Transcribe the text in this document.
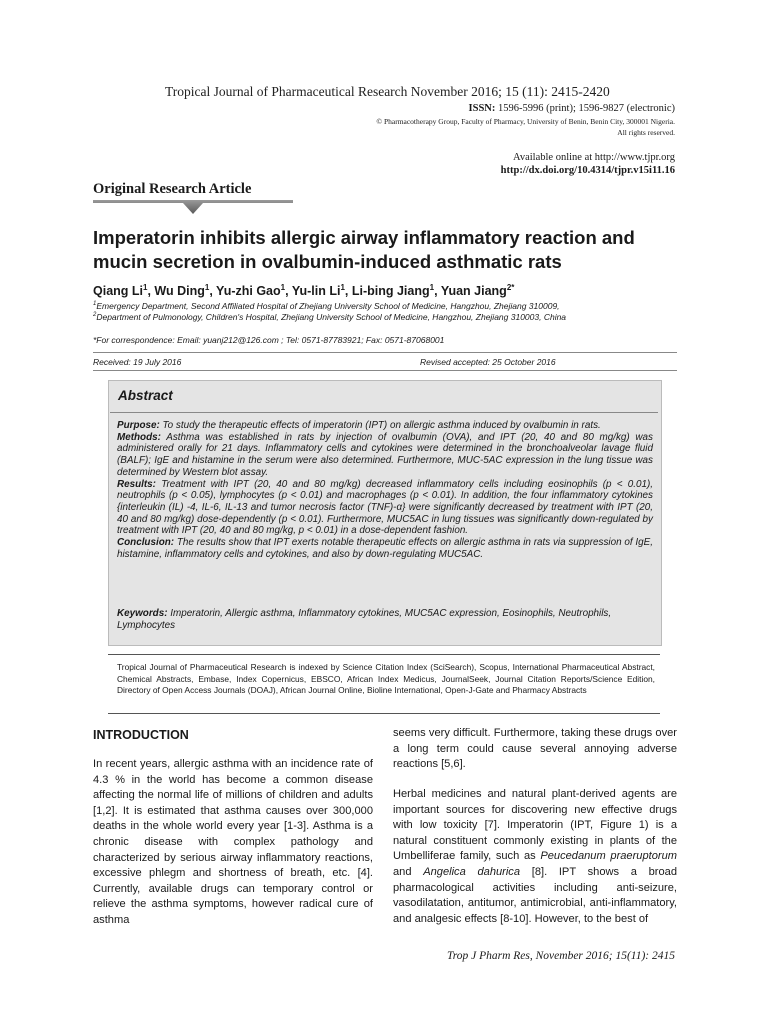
Tropical Journal of Pharmaceutical Research November 2016; 15 (11): 2415-2420
ISSN: 1596-5996 (print); 1596-9827 (electronic)
© Pharmacotherapy Group, Faculty of Pharmacy, University of Benin, Benin City, 300001 Nigeria.
All rights reserved.
Available online at http://www.tjpr.org
http://dx.doi.org/10.4314/tjpr.v15i11.16
Original Research Article
Imperatorin inhibits allergic airway inflammatory reaction and mucin secretion in ovalbumin-induced asthmatic rats
Qiang Li$^1$, Wu Ding$^1$, Yu-zhi Gao$^1$, Yu-lin Li$^1$, Li-bing Jiang$^1$, Yuan Jiang$^{2*}$
$^1$Emergency Department, Second Affiliated Hospital of Zhejiang University School of Medicine, Hangzhou, Zhejiang 310009,
$^2$Department of Pulmonology, Children's Hospital, Zhejiang University School of Medicine, Hangzhou, Zhejiang 310003, China
*For correspondence: Email: yuanj212@126.com ; Tel: 0571-87783921; Fax: 0571-87068001
Received: 19 July 2016	Revised accepted: 25 October 2016
Abstract
Purpose: To study the therapeutic effects of imperatorin (IPT) on allergic asthma induced by ovalbumin in rats.
Methods: Asthma was established in rats by injection of ovalbumin (OVA), and IPT (20, 40 and 80 mg/kg) was administered orally for 21 days. Inflammatory cells and cytokines were determined in the bronchoalveolar lavage fluid (BALF); IgE and histamine in the serum were also determined. Furthermore, MUC-5AC expression in the lung tissue was determined by Western blot assay.
Results: Treatment with IPT (20, 40 and 80 mg/kg) decreased inflammatory cells including eosinophils (p < 0.01), neutrophils (p < 0.05), lymphocytes (p < 0.01) and macrophages (p < 0.01). In addition, the four inflammatory cytokines {interleukin (IL) -4, IL-6, IL-13 and tumor necrosis factor (TNF)-α} were significantly decreased by treatment with IPT (20, 40 and 80 mg/kg) dose-dependently (p < 0.01). Furthermore, MUC5AC in lung tissues was significantly down-regulated by treatment with IPT (20, 40 and 80 mg/kg, p < 0.01) in a dose-dependent fashion.
Conclusion: The results show that IPT exerts notable therapeutic effects on allergic asthma in rats via suppression of IgE, histamine, inflammatory cells and cytokines, and also by down-regulating MUC5AC.
Keywords: Imperatorin, Allergic asthma, Inflammatory cytokines, MUC5AC expression, Eosinophils, Neutrophils, Lymphocytes
Tropical Journal of Pharmaceutical Research is indexed by Science Citation Index (SciSearch), Scopus, International Pharmaceutical Abstract, Chemical Abstracts, Embase, Index Copernicus, EBSCO, African Index Medicus, JournalSeek, Journal Citation Reports/Science Edition, Directory of Open Access Journals (DOAJ), African Journal Online, Bioline International, Open-J-Gate and Pharmacy Abstracts
INTRODUCTION
In recent years, allergic asthma with an incidence rate of 4.3 % in the world has become a common disease affecting the normal life of millions of children and adults [1,2]. It is estimated that asthma causes over 300,000 deaths in the whole world every year [1-3]. Asthma is a chronic disease with complex pathology and characterized by serious airway inflammatory reactions, excessive phlegm and shortness of breath, etc. [4]. Currently, available drugs can temporary control or relieve the asthma symptoms, however radical cure of asthma
seems very difficult. Furthermore, taking these drugs over a long term could cause several annoying adverse reactions [5,6].
Herbal medicines and natural plant-derived agents are important sources for discovering new effective drugs with low toxicity [7]. Imperatorin (IPT, Figure 1) is a natural constituent commonly existing in plants of the Umbelliferae family, such as Peucedanum praeruptorum and Angelica dahurica [8]. IPT shows a broad pharmacological activities including anti-seizure, vasodilatation, antitumor, antimicrobial, anti-inflammatory, and analgesic effects [8-10]. However, to the best of
Trop J Pharm Res, November 2016; 15(11): 2415
